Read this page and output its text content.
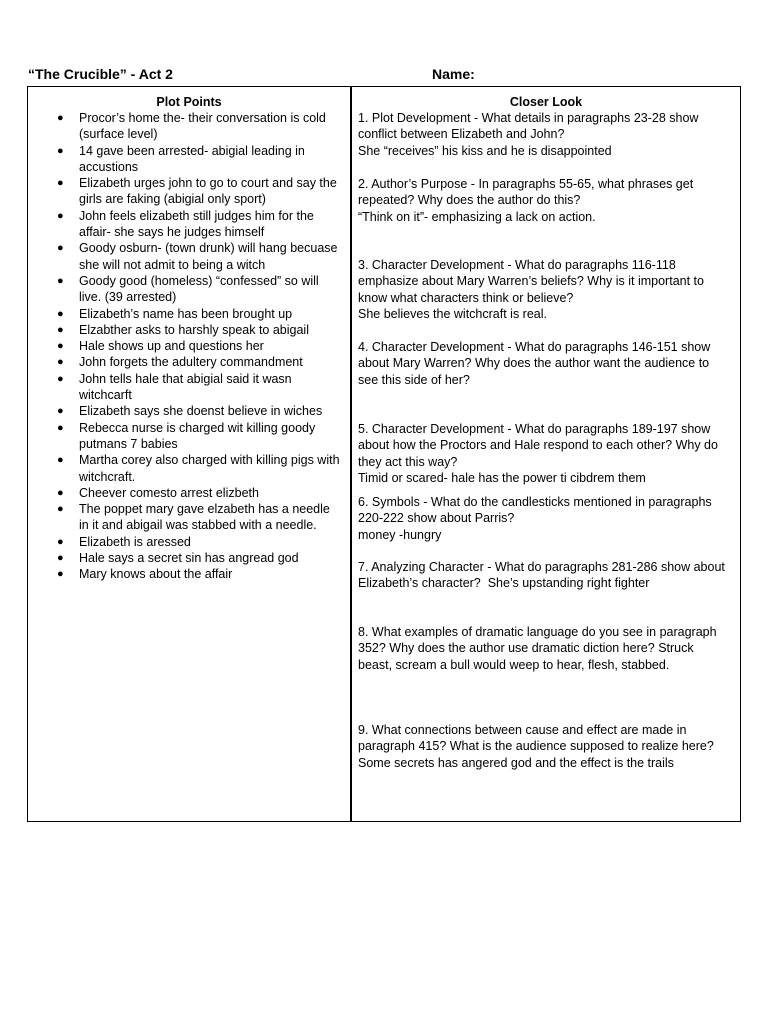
“The Crucible” - Act 2	Name:
Plot Points
● Procor’s home the- their conversation is cold (surface level)
● 14 gave been arrested- abigial leading in accustions
● Elizabeth urges john to go to court and say the girls are faking (abigial only sport)
● John feels elizabeth still judges him for the affair- she says he judges himself
● Goody osburn- (town drunk) will hang becuase she will not admit to being a witch
● Goody good (homeless) “confessed” so will live. (39 arrested)
● Elizabeth’s name has been brought up
● Elzabther asks to harshly speak to abigail
● Hale shows up and questions her
● John forgets the adultery commandment
● John tells hale that abigial said it wasn witchcarft
● Elizabeth says she doenst believe in wiches
● Rebecca nurse is charged wit killing goody putmans 7 babies
● Martha corey also charged with killing pigs with witchcraft.
● Cheever comesto arrest elizbeth
● The poppet mary gave elzabeth has a needle in it and abigail was stabbed with a needle.
● Elizabeth is aressed
● Hale says a secret sin has angread god
● Mary knows about the affair
Closer Look
1. Plot Development - What details in paragraphs 23-28 show conflict between Elizabeth and John?
She “receives” his kiss and he is disappointed
2. Author’s Purpose - In paragraphs 55-65, what phrases get repeated? Why does the author do this?
“Think on it”- emphasizing a lack on action.
3. Character Development - What do paragraphs 116-118 emphasize about Mary Warren’s beliefs? Why is it important to know what characters think or believe?
She believes the witchcraft is real.
4. Character Development - What do paragraphs 146-151 show about Mary Warren? Why does the author want the audience to see this side of her?
5. Character Development - What do paragraphs 189-197 show about how the Proctors and Hale respond to each other? Why do they act this way?
Timid or scared- hale has the power ti cibdrem them
6. Symbols - What do the candlesticks mentioned in paragraphs 220-222 show about Parris?
money -hungry
7. Analyzing Character - What do paragraphs 281-286 show about Elizabeth’s character? She’s upstanding right fighter
8. What examples of dramatic language do you see in paragraph 352? Why does the author use dramatic diction here? Struck beast, scream a bull would weep to hear, flesh, stabbed.
9. What connections between cause and effect are made in paragraph 415? What is the audience supposed to realize here? Some secrets has angered god and the effect is the trails
